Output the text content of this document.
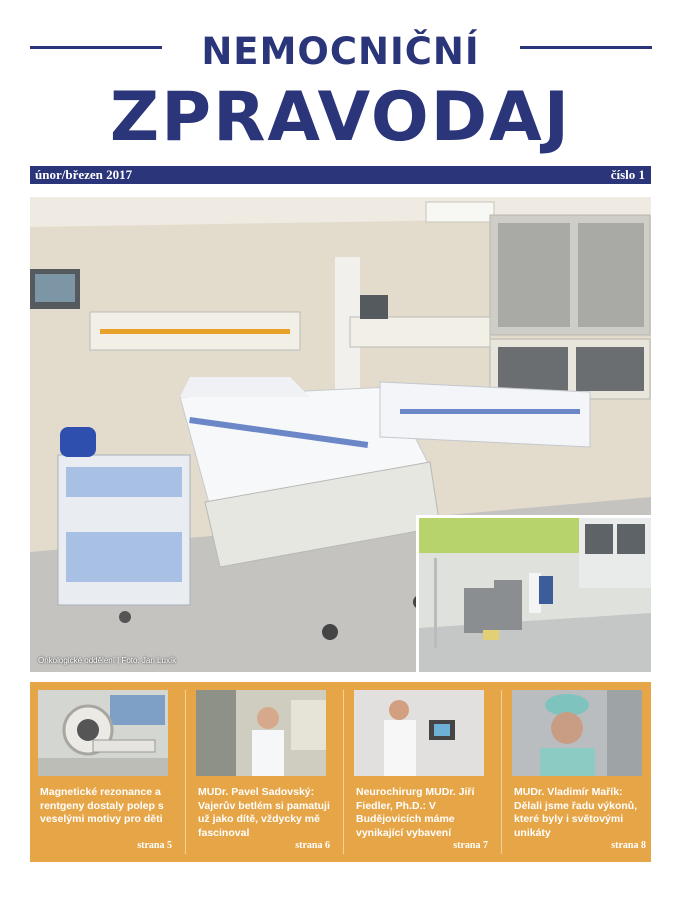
NEMOCNIČNÍ
ZPRAVODAJ
únor/březen 2017	číslo 1
Onkologické oddělení | Foto: Jan Luxík
Magnetické rezonance a rentgeny dostaly polep s veselými motivy pro děti
strana 5
MUDr. Pavel Sadovský: Vajerův betlém si pamatuji už jako dítě, vždycky mě fascinoval
strana 6
Neurochirurg MUDr. Jiří Fiedler, Ph.D.: V Budějovicích máme vynikající vybavení
strana 7
MUDr. Vladimír Mařík: Dělali jsme řadu výkonů, které byly i světovými unikáty
strana 8
